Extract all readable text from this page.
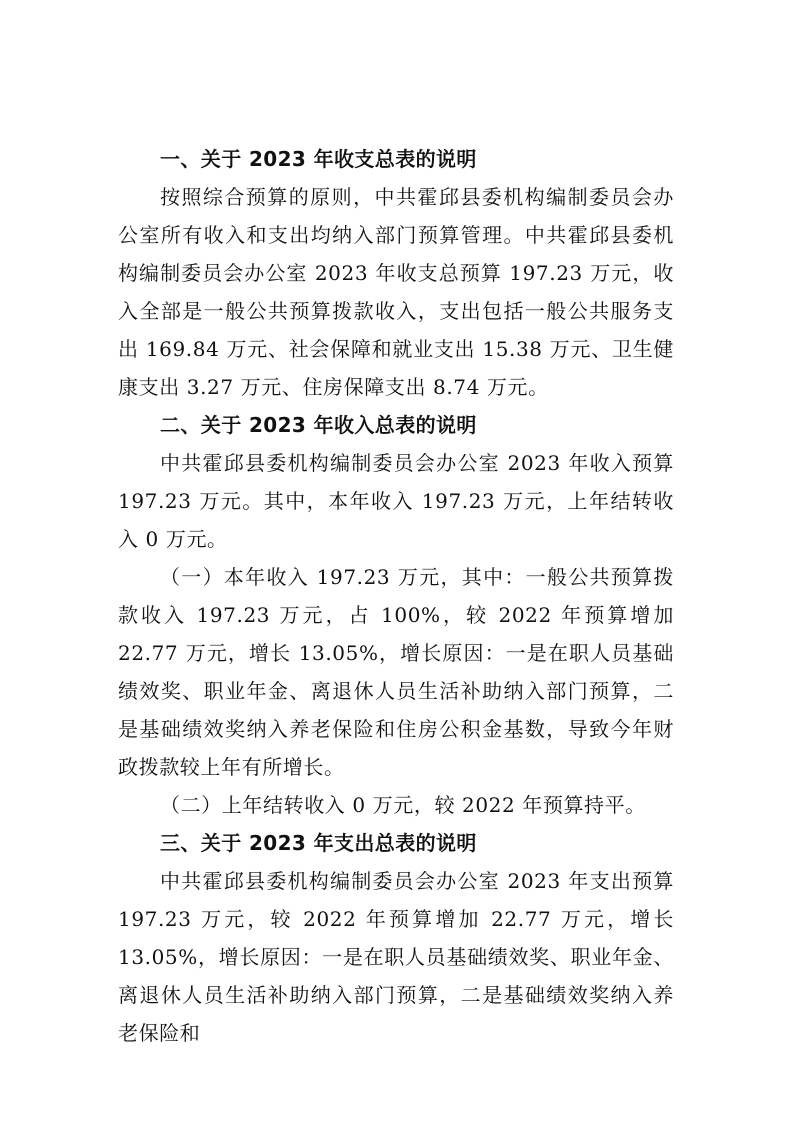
一、关于 2023 年收支总表的说明

按照综合预算的原则，中共霍邱县委机构编制委员会办公室所有收入和支出均纳入部门预算管理。中共霍邱县委机构编制委员会办公室 2023 年收支总预算 197.23 万元，收入全部是一般公共预算拨款收入，支出包括一般公共服务支出 169.84 万元、社会保障和就业支出 15.38 万元、卫生健康支出 3.27 万元、住房保障支出 8.74 万元。

二、关于 2023 年收入总表的说明

中共霍邱县委机构编制委员会办公室 2023 年收入预算 197.23 万元。其中，本年收入 197.23 万元，上年结转收入 0 万元。

（一）本年收入 197.23 万元，其中：一般公共预算拨款收入 197.23 万元，占 100%，较 2022 年预算增加 22.77 万元，增长 13.05%，增长原因：一是在职人员基础绩效奖、职业年金、离退休人员生活补助纳入部门预算，二是基础绩效奖纳入养老保险和住房公积金基数，导致今年财政拨款较上年有所增长。

（二）上年结转收入 0 万元，较 2022 年预算持平。

三、关于 2023 年支出总表的说明

中共霍邱县委机构编制委员会办公室 2023 年支出预算 197.23 万元，较 2022 年预算增加 22.77 万元，增长 13.05%，增长原因：一是在职人员基础绩效奖、职业年金、离退休人员生活补助纳入部门预算，二是基础绩效奖纳入养老保险和
